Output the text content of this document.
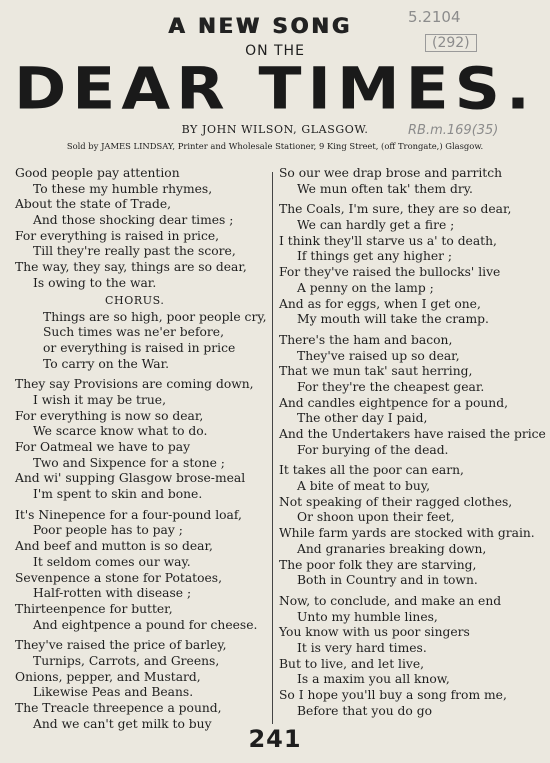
5.2104
(292)
RB.m.169(35)
A NEW SONG
ON THE
DEAR TIMES.
BY JOHN WILSON, GLASGOW.
Sold by JAMES LINDSAY, Printer and Wholesale Stationer, 9 King Street, (off Trongate,) Glasgow.
Good people pay attention
To these my humble rhymes,
About the state of Trade,
And those shocking dear times ;
For everything is raised in price,
Till they're really past the score,
The way, they say, things are so dear,
Is owing to the war.
CHORUS.
Things are so high, poor people cry,
Such times was ne'er before,
or everything is raised in price
To carry on the War.
They say Provisions are coming down,
I wish it may be true,
For everything is now so dear,
We scarce know what to do.
For Oatmeal we have to pay
Two and Sixpence for a stone ;
And wi' supping Glasgow brose-meal
I'm spent to skin and bone.
It's Ninepence for a four-pound loaf,
Poor people has to pay ;
And beef and mutton is so dear,
It seldom comes our way.
Sevenpence a stone for Potatoes,
Half-rotten with disease ;
Thirteenpence for butter,
And eightpence a pound for cheese.
They've raised the price of barley,
Turnips, Carrots, and Greens,
Onions, pepper, and Mustard,
Likewise Peas and Beans.
The Treacle threepence a pound,
And we can't get milk to buy
So our wee drap brose and parritch
We mun often tak' them dry.
The Coals, I'm sure, they are so dear,
We can hardly get a fire ;
I think they'll starve us a' to death,
If things get any higher ;
For they've raised the bullocks' live
A penny on the lamp ;
And as for eggs, when I get one,
My mouth will take the cramp.
There's the ham and bacon,
They've raised up so dear,
That we mun tak' saut herring,
For they're the cheapest gear.
And candles eightpence for a pound,
The other day I paid,
And the Undertakers have raised the price
For burying of the dead.
It takes all the poor can earn,
A bite of meat to buy,
Not speaking of their ragged clothes,
Or shoon upon their feet,
While farm yards are stocked with grain.
And granaries breaking down,
The poor folk they are starving,
Both in Country and in town.
Now, to conclude, and make an end
Unto my humble lines,
You know with us poor singers
It is very hard times.
But to live, and let live,
Is a maxim you all know,
So I hope you'll buy a song from me,
Before that you do go
241
